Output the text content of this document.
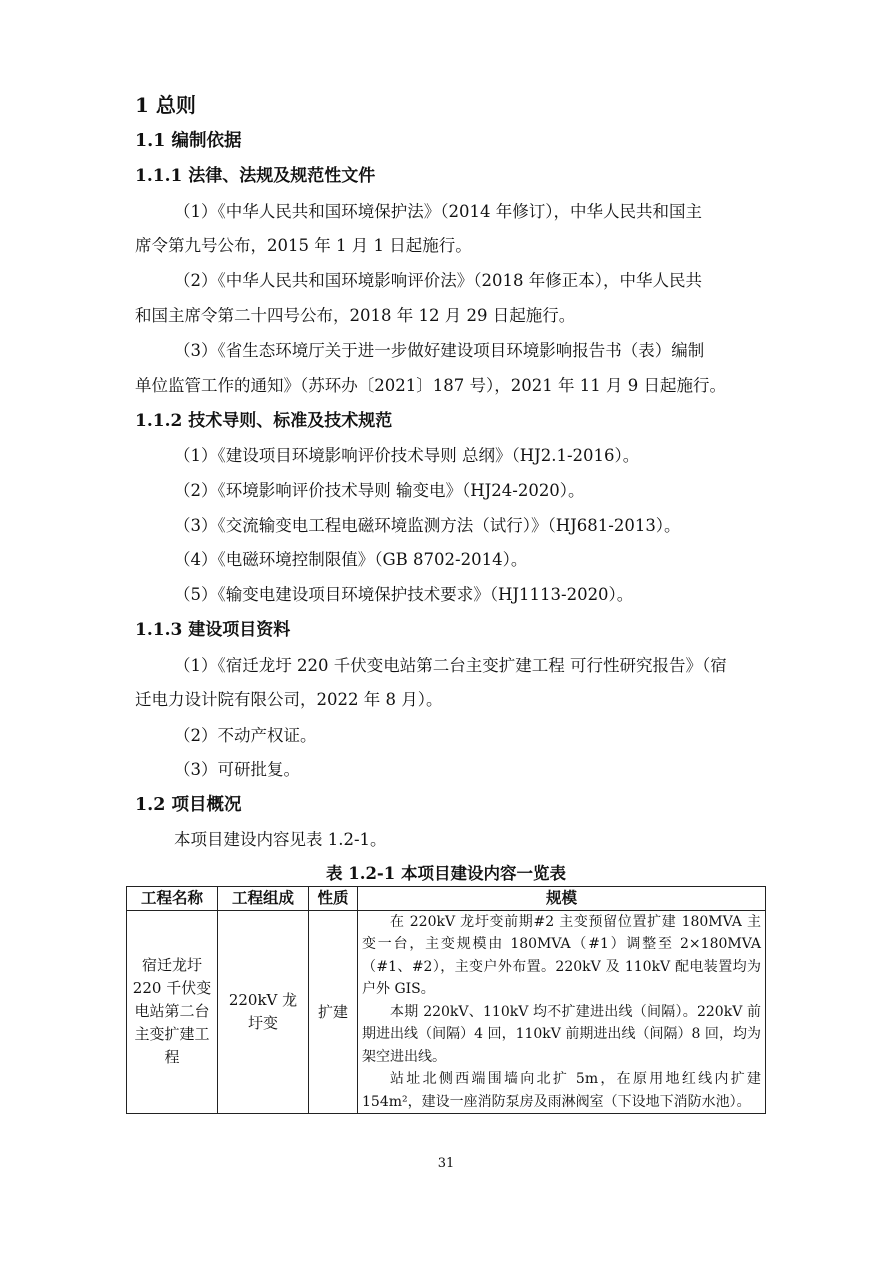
1 总则
1.1 编制依据
1.1.1 法律、法规及规范性文件
（1）《中华人民共和国环境保护法》（2014 年修订），中华人民共和国主
席令第九号公布，2015 年 1 月 1 日起施行。
（2）《中华人民共和国环境影响评价法》（2018 年修正本），中华人民共
和国主席令第二十四号公布，2018 年 12 月 29 日起施行。
（3）《省生态环境厅关于进一步做好建设项目环境影响报告书（表）编制
单位监管工作的通知》（苏环办〔2021〕187 号），2021 年 11 月 9 日起施行。
1.1.2 技术导则、标准及技术规范
（1）《建设项目环境影响评价技术导则 总纲》（HJ2.1-2016）。
（2）《环境影响评价技术导则 输变电》（HJ24-2020）。
（3）《交流输变电工程电磁环境监测方法（试行）》（HJ681-2013）。
（4）《电磁环境控制限值》（GB 8702-2014）。
（5）《输变电建设项目环境保护技术要求》（HJ1113-2020）。
1.1.3 建设项目资料
（1）《宿迁龙圩 220 千伏变电站第二台主变扩建工程 可行性研究报告》（宿
迁电力设计院有限公司，2022 年 8 月）。
（2）不动产权证。
（3）可研批复。
1.2 项目概况
本项目建设内容见表 1.2-1。
表 1.2-1 本项目建设内容一览表
工程名称	工程组成	性质	规模
宿迁龙圩220 千伏变电站第二台主变扩建工程	220kV 龙圩变	扩建	在 220kV 龙圩变前期#2 主变预留位置扩建 180MVA 主变一台，主变规模由 180MVA（#1）调整至 2×180MVA（#1、#2），主变户外布置。220kV 及 110kV 配电装置均为户外 GIS。

本期 220kV、110kV 均不扩建进出线（间隔）。220kV 前期进出线（间隔）4 回，110kV 前期进出线（间隔）8 回，均为架空进出线。

站址北侧西端围墙向北扩 5m，在原用地红线内扩建 154m²，建设一座消防泵房及雨淋阀室（下设地下消防水池）。

31
